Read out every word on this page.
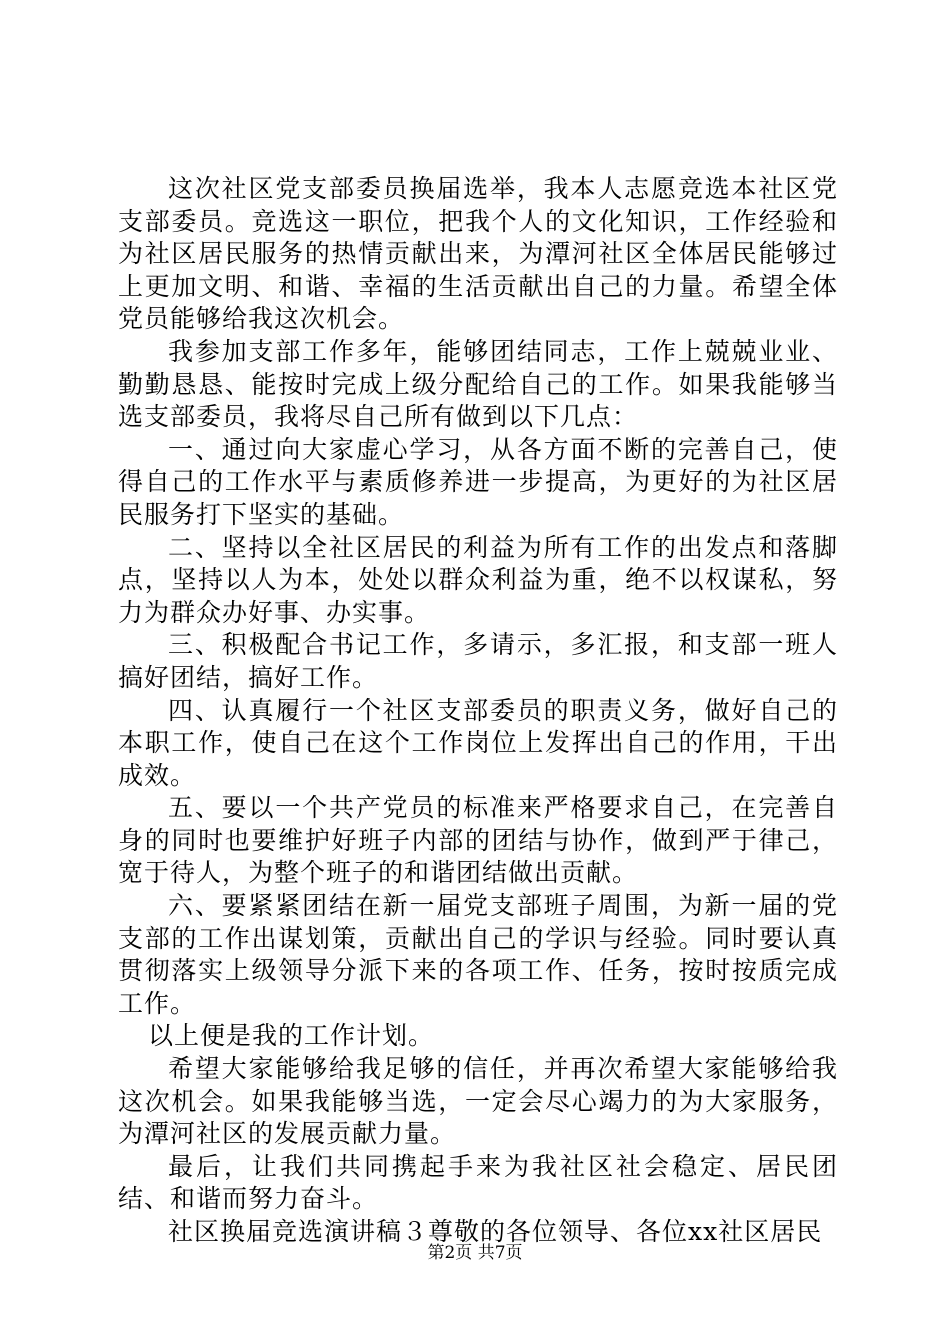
这次社区党支部委员换届选举，我本人志愿竞选本社区党支部委员。竞选这一职位，把我个人的文化知识，工作经验和为社区居民服务的热情贡献出来，为潭河社区全体居民能够过上更加文明、和谐、幸福的生活贡献出自己的力量。希望全体党员能够给我这次机会。

我参加支部工作多年，能够团结同志，工作上兢兢业业、勤勤恳恳、能按时完成上级分配给自己的工作。如果我能够当选支部委员，我将尽自己所有做到以下几点：

一、通过向大家虚心学习，从各方面不断的完善自己，使得自己的工作水平与素质修养进一步提高，为更好的为社区居民服务打下坚实的基础。

二、坚持以全社区居民的利益为所有工作的出发点和落脚点，坚持以人为本，处处以群众利益为重，绝不以权谋私，努力为群众办好事、办实事。

三、积极配合书记工作，多请示，多汇报，和支部一班人搞好团结，搞好工作。

四、认真履行一个社区支部委员的职责义务，做好自己的本职工作，使自己在这个工作岗位上发挥出自己的作用，干出成效。

五、要以一个共产党员的标准来严格要求自己，在完善自身的同时也要维护好班子内部的团结与协作，做到严于律己，宽于待人，为整个班子的和谐团结做出贡献。

六、要紧紧团结在新一届党支部班子周围，为新一届的党支部的工作出谋划策，贡献出自己的学识与经验。同时要认真贯彻落实上级领导分派下来的各项工作、任务，按时按质完成工作。

以上便是我的工作计划。

希望大家能够给我足够的信任，并再次希望大家能够给我这次机会。如果我能够当选，一定会尽心竭力的为大家服务，为潭河社区的发展贡献力量。

最后，让我们共同携起手来为我社区社会稳定、居民团结、和谐而努力奋斗。

社区换届竞选演讲稿３尊敬的各位领导、各位xx社区居民

第2页 共7页
